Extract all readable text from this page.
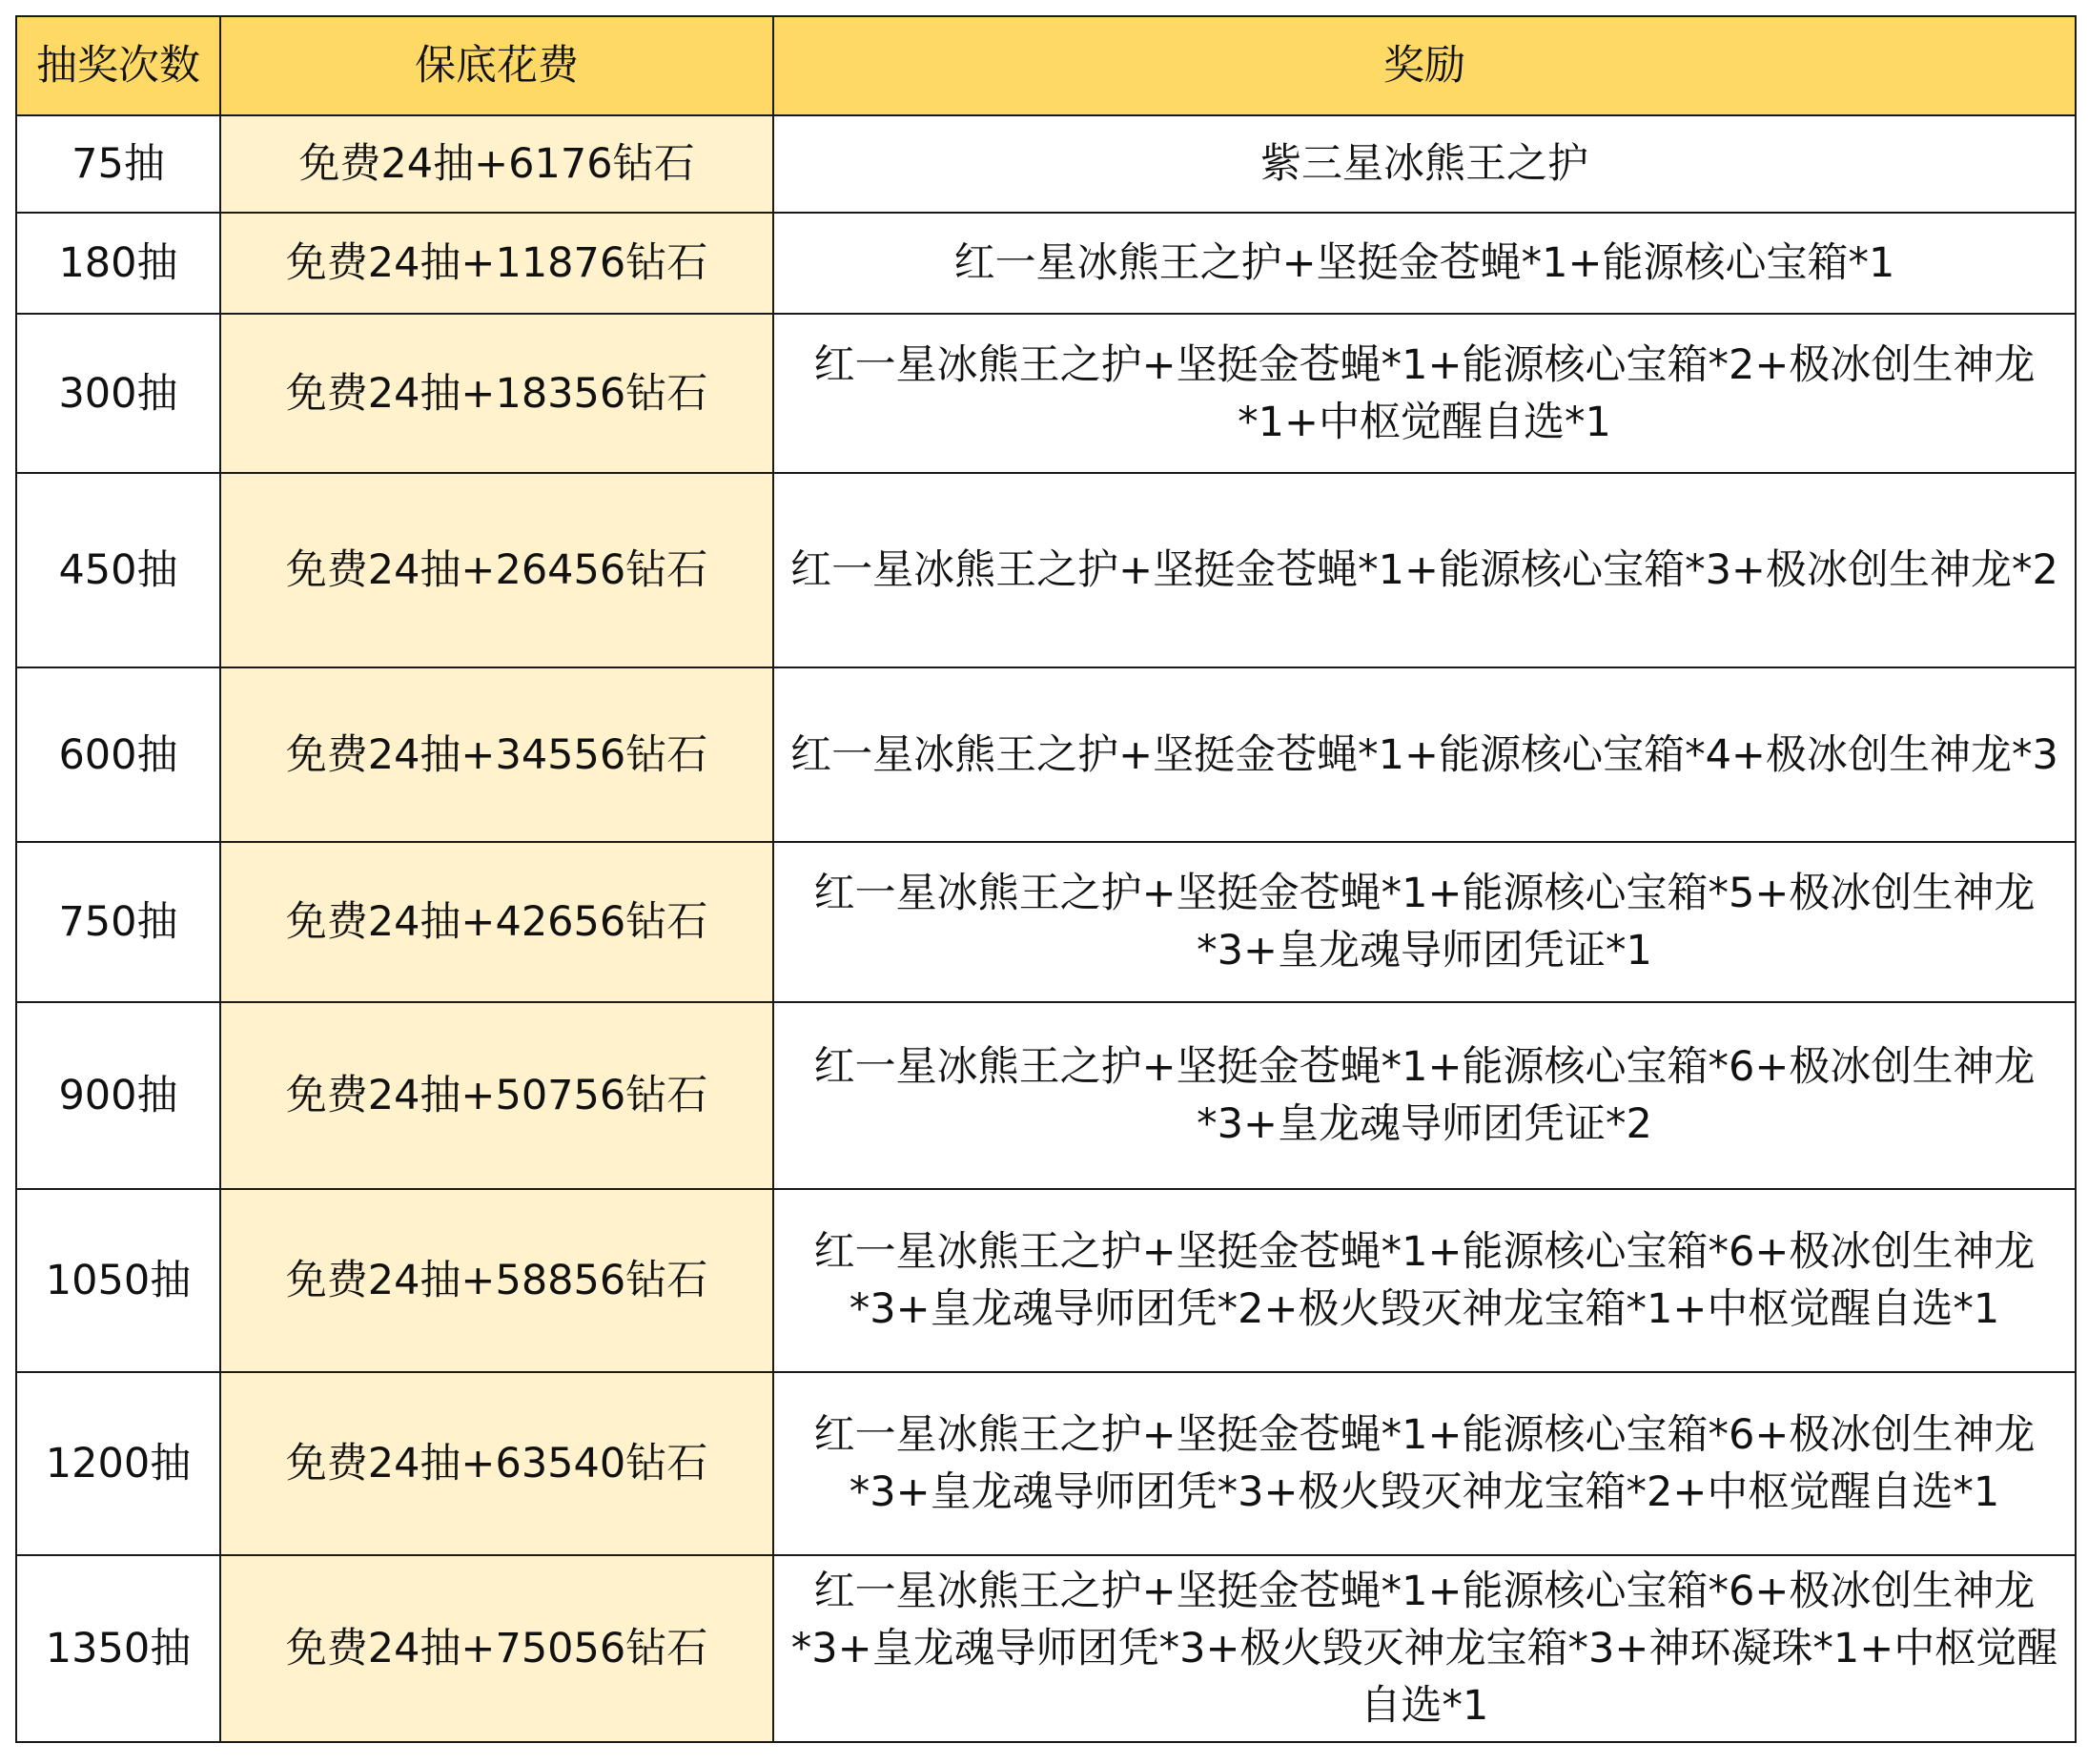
抽奖次数	保底花费	奖励
75抽	免费24抽+6176钻石	紫三星冰熊王之护
180抽	免费24抽+11876钻石	红一星冰熊王之护+坚挺金苍蝇*1+能源核心宝箱*1
300抽	免费24抽+18356钻石	红一星冰熊王之护+坚挺金苍蝇*1+能源核心宝箱*2+极冰创生神龙*1+中枢觉醒自选*1
450抽	免费24抽+26456钻石	红一星冰熊王之护+坚挺金苍蝇*1+能源核心宝箱*3+极冰创生神龙*2
600抽	免费24抽+34556钻石	红一星冰熊王之护+坚挺金苍蝇*1+能源核心宝箱*4+极冰创生神龙*3
750抽	免费24抽+42656钻石	红一星冰熊王之护+坚挺金苍蝇*1+能源核心宝箱*5+极冰创生神龙*3+皇龙魂导师团凭证*1
900抽	免费24抽+50756钻石	红一星冰熊王之护+坚挺金苍蝇*1+能源核心宝箱*6+极冰创生神龙*3+皇龙魂导师团凭证*2
1050抽	免费24抽+58856钻石	红一星冰熊王之护+坚挺金苍蝇*1+能源核心宝箱*6+极冰创生神龙*3+皇龙魂导师团凭*2+极火毁灭神龙宝箱*1+中枢觉醒自选*1
1200抽	免费24抽+63540钻石	红一星冰熊王之护+坚挺金苍蝇*1+能源核心宝箱*6+极冰创生神龙*3+皇龙魂导师团凭*3+极火毁灭神龙宝箱*2+中枢觉醒自选*1
1350抽	免费24抽+75056钻石	红一星冰熊王之护+坚挺金苍蝇*1+能源核心宝箱*6+极冰创生神龙*3+皇龙魂导师团凭*3+极火毁灭神龙宝箱*3+神环凝珠*1+中枢觉醒自选*1
